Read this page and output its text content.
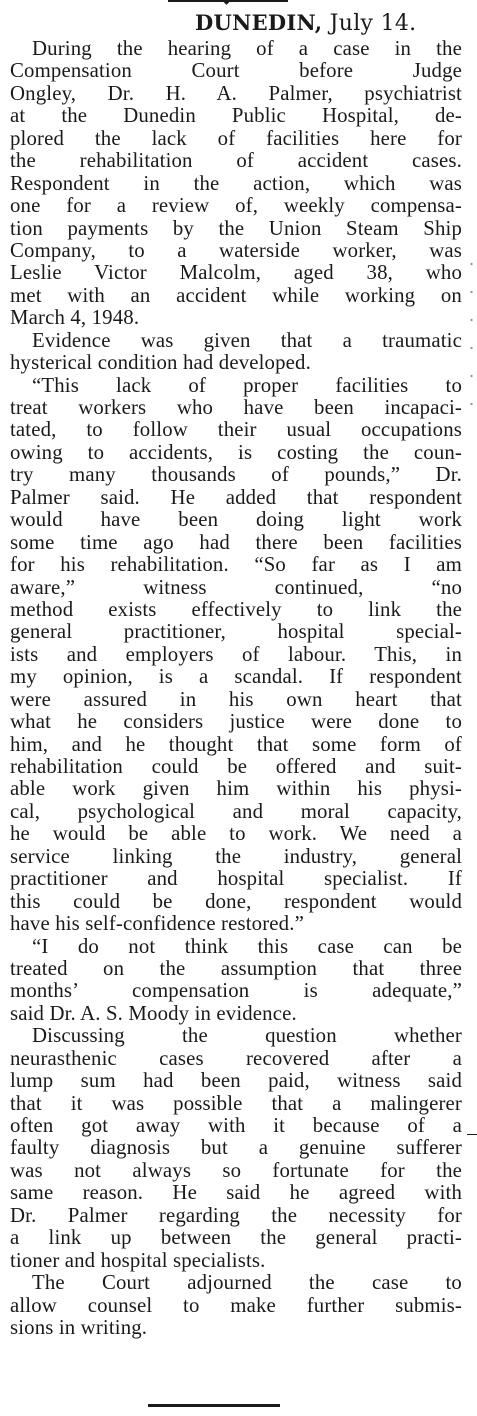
DUNEDIN, July 14.
During the hearing of a case in the
Compensation Court before Judge
Ongley, Dr. H. A. Palmer, psychiatrist
at the Dunedin Public Hospital, de-
plored the lack of facilities here for
the rehabilitation of accident cases.
Respondent in the action, which was
one for a review of, weekly compensa-
tion payments by the Union Steam Ship
Company, to a waterside worker, was
Leslie Victor Malcolm, aged 38, who
met with an accident while working on
March 4, 1948.
Evidence was given that a traumatic
hysterical condition had developed.
“This lack of proper facilities to
treat workers who have been incapaci-
tated, to follow their usual occupations
owing to accidents, is costing the coun-
try many thousands of pounds,” Dr.
Palmer said. He added that respondent
would have been doing light work
some time ago had there been facilities
for his rehabilitation. “So far as I am
aware,” witness continued, “no
method exists effectively to link the
general practitioner, hospital special-
ists and employers of labour. This, in
my opinion, is a scandal. If respondent
were assured in his own heart that
what he considers justice were done to
him, and he thought that some form of
rehabilitation could be offered and suit-
able work given him within his physi-
cal, psychological and moral capacity,
he would be able to work. We need a
service linking the industry, general
practitioner and hospital specialist. If
this could be done, respondent would
have his self-confidence restored.”
“I do not think this case can be
treated on the assumption that three
months’ compensation is adequate,”
said Dr. A. S. Moody in evidence.
Discussing the question whether
neurasthenic cases recovered after a
lump sum had been paid, witness said
that it was possible that a malingerer
often got away with it because of a
faulty diagnosis but a genuine sufferer
was not always so fortunate for the
same reason. He said he agreed with
Dr. Palmer regarding the necessity for
a link up between the general practi-
tioner and hospital specialists.
The Court adjourned the case to
allow counsel to make further submis-
sions in writing.
